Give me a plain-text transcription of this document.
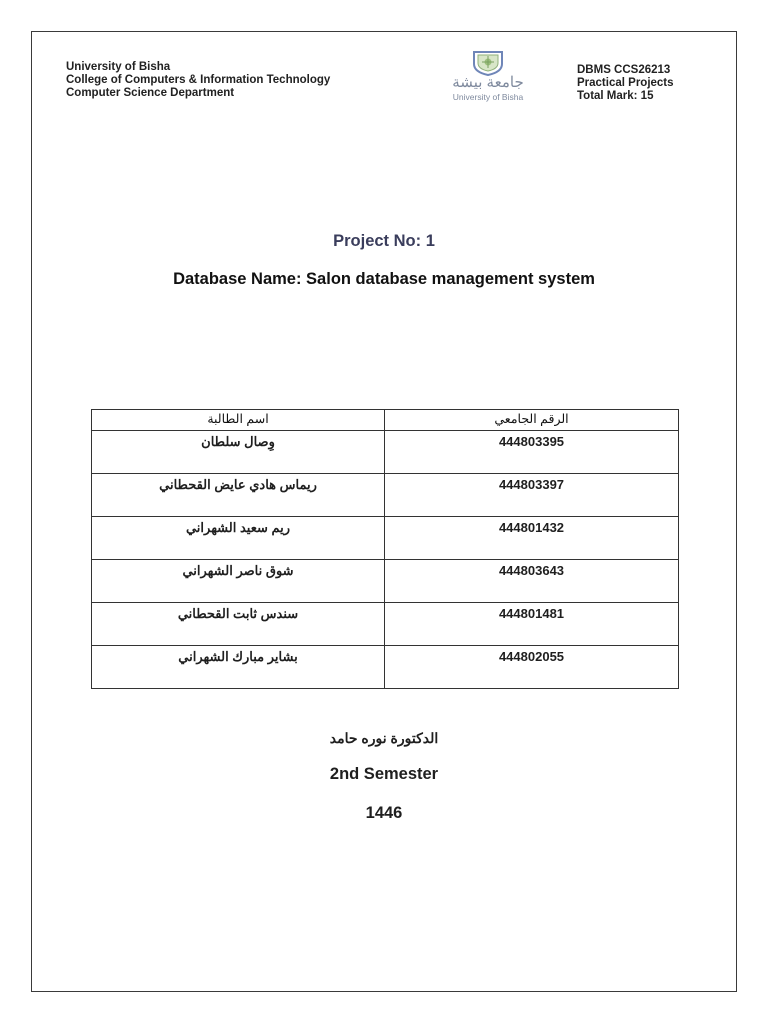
University of Bisha
College of Computers & Information Technology
Computer Science Department
جامعة بيشة
University of Bisha
DBMS CCS26213
Practical Projects
Total Mark: 15
Project No: 1
Database Name: Salon database management system
اسم الطالبة	الرقم الجامعي
وِصال سلطان	444803395
ريماس هادي عايض القحطاني	444803397
ريم سعيد الشهراني	444801432
شوق ناصر الشهراني	444803643
سندس ثابت القحطاني	444801481
بشاير مبارك الشهراني	444802055
الدكتورة نوره حامد
2nd Semester
1446
